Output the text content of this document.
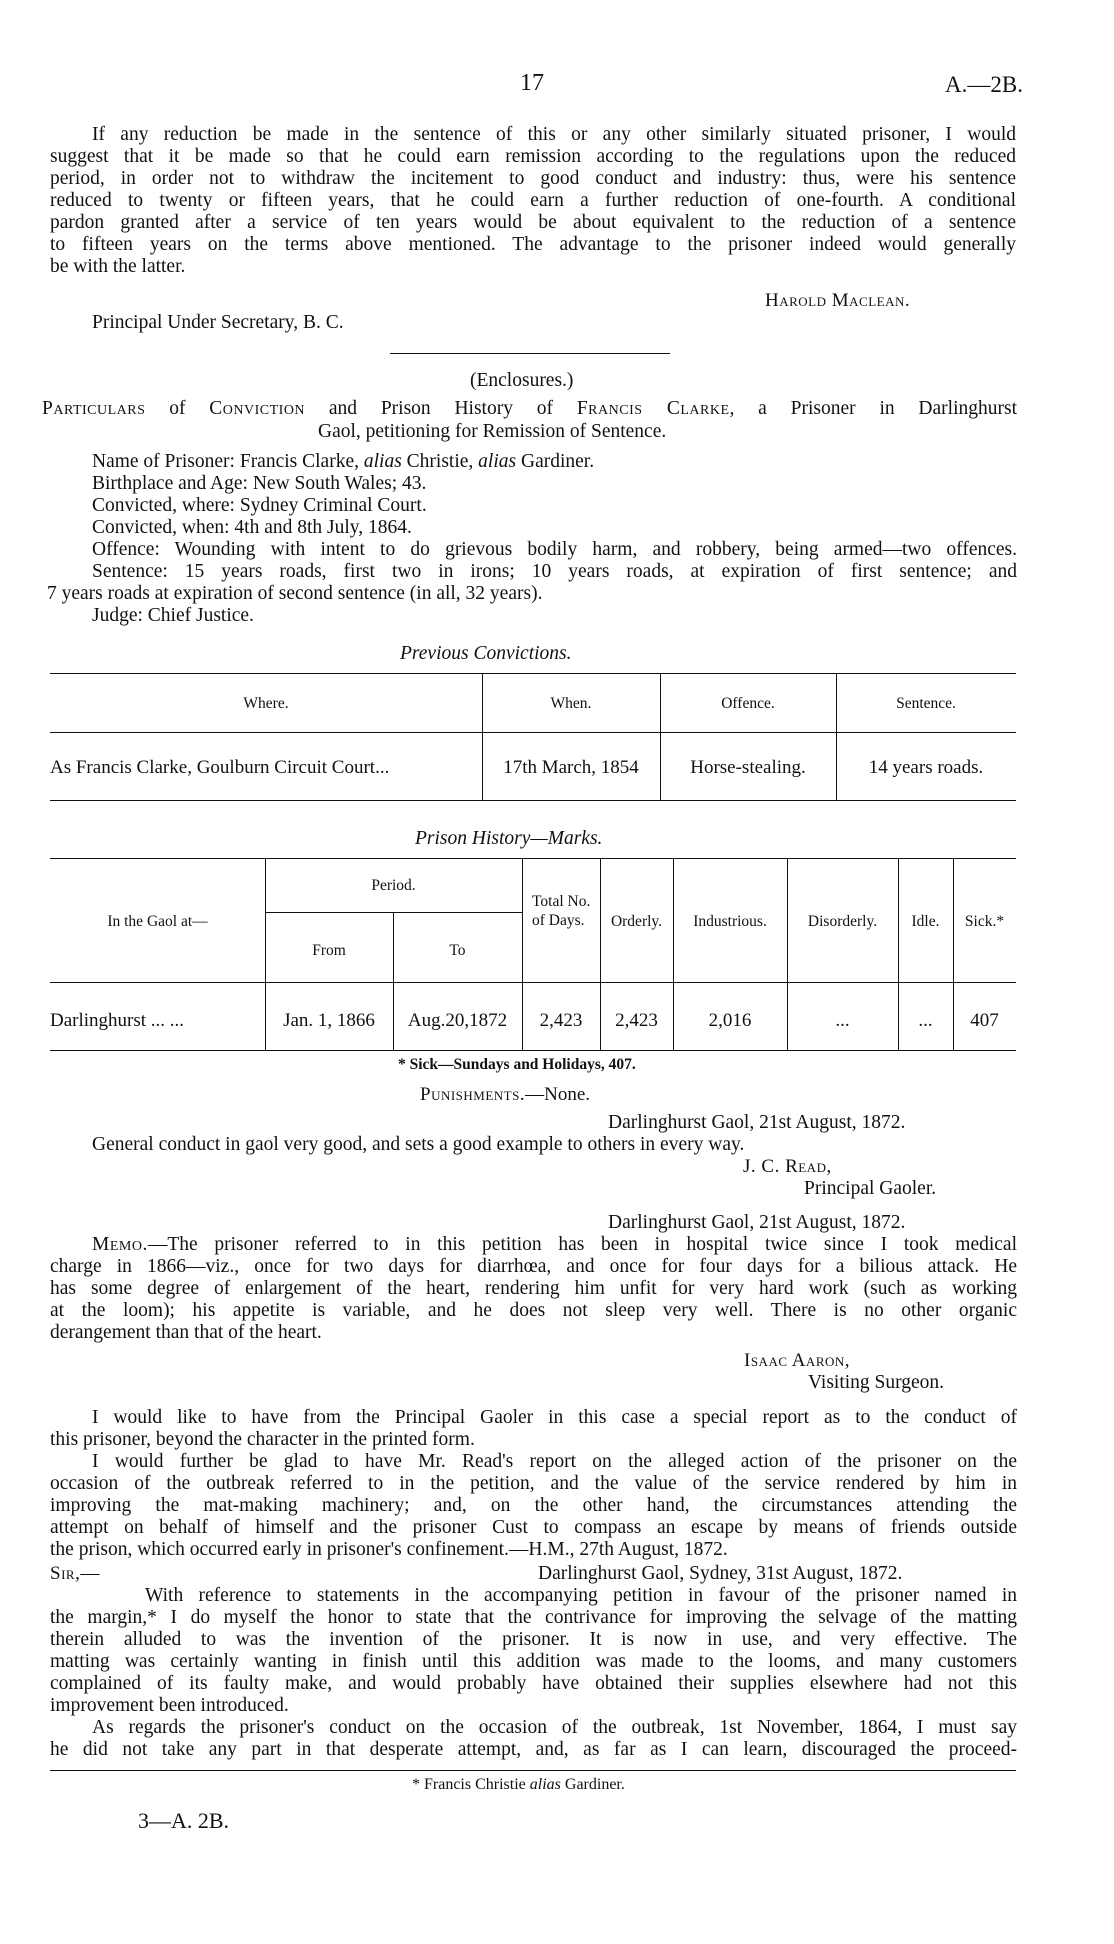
17	A.—2B.
If any reduction be made in the sentence of this or any other similarly situated prisoner, I would
suggest that it be made so that he could earn remission according to the regulations upon the reduced
period, in order not to withdraw the incitement to good conduct and industry: thus, were his sentence
reduced to twenty or fifteen years, that he could earn a further reduction of one-fourth. A conditional
pardon granted after a service of ten years would be about equivalent to the reduction of a sentence
to fifteen years on the terms above mentioned. The advantage to the prisoner indeed would generally
be with the latter.
Harold Maclean.
Principal Under Secretary, B. C.
(Enclosures.)
Particulars of Conviction and Prison History of Francis Clarke, a Prisoner in Darlinghurst
Gaol, petitioning for Remission of Sentence.
Name of Prisoner: Francis Clarke, alias Christie, alias Gardiner.
Birthplace and Age: New South Wales; 43.
Convicted, where: Sydney Criminal Court.
Convicted, when: 4th and 8th July, 1864.
Offence: Wounding with intent to do grievous bodily harm, and robbery, being armed—two offences.
Sentence: 15 years roads, first two in irons; 10 years roads, at expiration of first sentence; and
7 years roads at expiration of second sentence (in all, 32 years).
Judge: Chief Justice.
Previous Convictions.
Where.	When.	Offence.	Sentence.
As Francis Clarke, Goulburn Circuit Court...	17th March, 1854	Horse-stealing.	14 years roads.
Prison History—Marks.
In the Gaol at—
Period.
From	To
Total No. of Days.	Orderly.	Industrious.	Disorderly.	Idle.	Sick.*
Darlinghurst ... ...	Jan. 1, 1866	Aug.20,1872	2,423	2,423	2,016	...	...	407
* Sick—Sundays and Holidays, 407.
Punishments.—None.
Darlinghurst Gaol, 21st August, 1872.
General conduct in gaol very good, and sets a good example to others in every way.
J. C. Read,
Principal Gaoler.
Darlinghurst Gaol, 21st August, 1872.
Memo.—The prisoner referred to in this petition has been in hospital twice since I took medical
charge in 1866—viz., once for two days for diarrhœa, and once for four days for a bilious attack. He
has some degree of enlargement of the heart, rendering him unfit for very hard work (such as working
at the loom); his appetite is variable, and he does not sleep very well. There is no other organic
derangement than that of the heart.
Isaac Aaron,
Visiting Surgeon.
I would like to have from the Principal Gaoler in this case a special report as to the conduct of
this prisoner, beyond the character in the printed form.
I would further be glad to have Mr. Read's report on the alleged action of the prisoner on the
occasion of the outbreak referred to in the petition, and the value of the service rendered by him in
improving the mat-making machinery; and, on the other hand, the circumstances attending the
attempt on behalf of himself and the prisoner Cust to compass an escape by means of friends outside
the prison, which occurred early in prisoner's confinement.—H.M., 27th August, 1872.
Sir,—	Darlinghurst Gaol, Sydney, 31st August, 1872.
With reference to statements in the accompanying petition in favour of the prisoner named in
the margin,* I do myself the honor to state that the contrivance for improving the selvage of the matting
therein alluded to was the invention of the prisoner. It is now in use, and very effective. The
matting was certainly wanting in finish until this addition was made to the looms, and many customers
complained of its faulty make, and would probably have obtained their supplies elsewhere had not this
improvement been introduced.
As regards the prisoner's conduct on the occasion of the outbreak, 1st November, 1864, I must say
he did not take any part in that desperate attempt, and, as far as I can learn, discouraged the proceed-
* Francis Christie alias Gardiner.
3—A. 2B.
